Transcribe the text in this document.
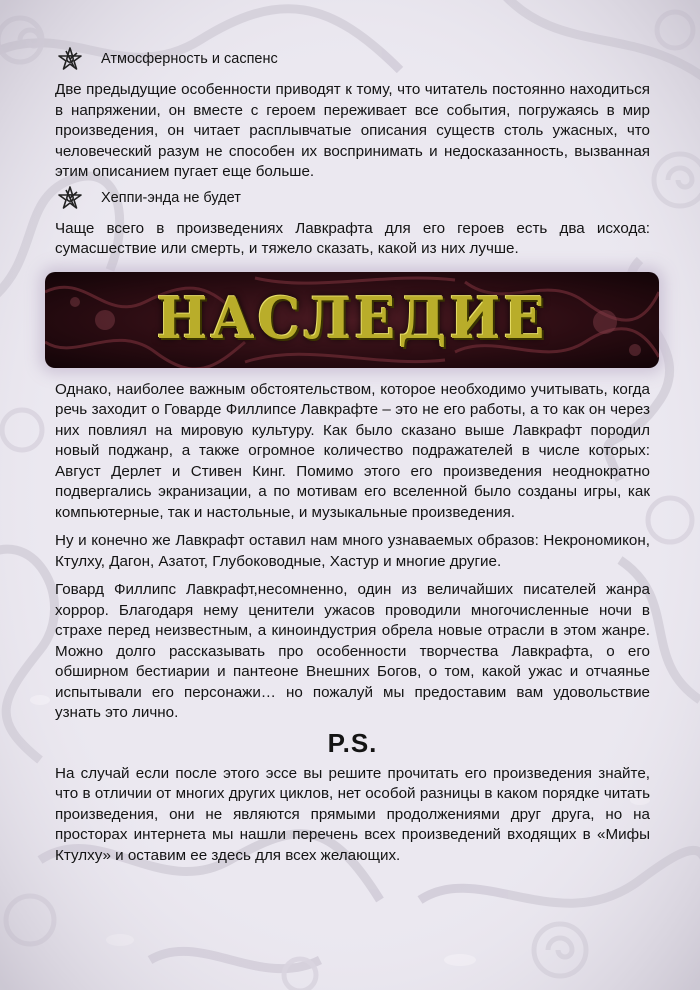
Атмосферность и саспенс

Две предыдущие особенности приводят к тому, что читатель постоянно находиться в напряжении, он вместе с героем переживает все события, погружаясь в мир произведения, он читает расплывчатые описания существ столь ужасных, что человеческий разум не способен их воспринимать и недосказанность, вызванная этим описанием пугает еще больше.

Хеппи-энда не будет

Чаще всего в произведениях Лавкрафта для его героев есть два исхода: сумасшествие или смерть, и тяжело сказать, какой из них лучше.

НАСЛЕДИЕ

Однако, наиболее важным обстоятельством, которое необходимо учитывать, когда речь заходит о Говарде Филлипсе Лавкрафте – это не его работы, а то как он через них повлиял на мировую культуру. Как было сказано выше Лавкрафт породил новый поджанр, а также огромное количество подражателей в числе которых: Август Дерлет и Стивен Кинг. Помимо этого его произведения неоднократно подвергались экранизации, а по мотивам его вселенной было созданы игры, как компьютерные, так и настольные, и музыкальные произведения.

Ну и конечно же Лавкрафт оставил нам много узнаваемых образов: Некрономикон, Ктулху, Дагон, Азатот, Глубоководные, Хастур и многие другие.

Говард Филлипс Лавкрафт,несомненно, один из величайших писателей жанра хоррор. Благодаря нему ценители ужасов проводили многочисленные ночи в страхе перед неизвестным, а киноиндустрия обрела новые отрасли в этом жанре. Можно долго рассказывать про особенности творчества Лавкрафта, о его обширном бестиарии и пантеоне Внешних Богов, о том, какой ужас и отчаянье испытывали его персонажи… но пожалуй мы предоставим вам удовольствие узнать это лично.

P.S.

На случай если после этого эссе вы решите прочитать его произведения знайте, что в отличии от многих других циклов, нет особой разницы в каком порядке читать произведения, они не являются прямыми продолжениями друг друга, но на просторах интернета мы нашли перечень всех произведений входящих в «Мифы Ктулху» и оставим ее здесь для всех желающих.
